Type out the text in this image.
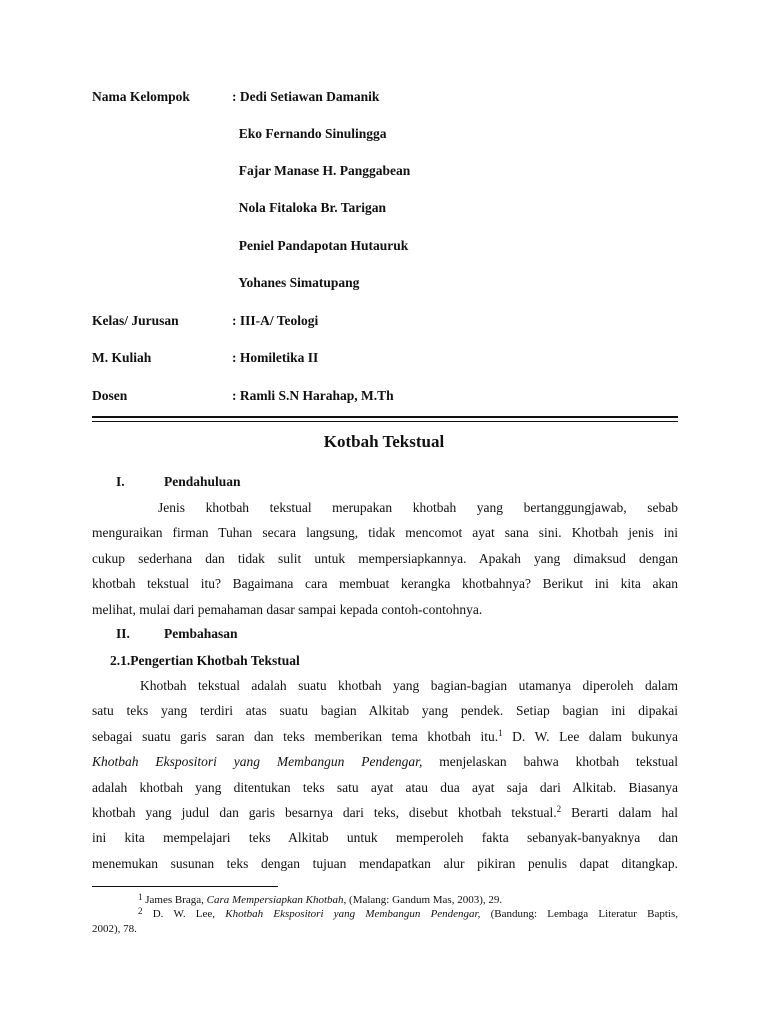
Nama Kelompok	: Dedi Setiawan Damanik
Eko Fernando Sinulingga
Fajar Manase H. Panggabean
Nola Fitaloka Br. Tarigan
Peniel Pandapotan Hutauruk
Yohanes Simatupang
Kelas/ Jurusan	: III-A/ Teologi
M. Kuliah	: Homiletika II
Dosen	: Ramli S.N Harahap, M.Th
Kotbah Tekstual
I.	Pendahuluan
Jenis khotbah tekstual merupakan khotbah yang bertanggungjawab, sebab
menguraikan firman Tuhan secara langsung, tidak mencomot ayat sana sini. Khotbah jenis ini
cukup sederhana dan tidak sulit untuk mempersiapkannya. Apakah yang dimaksud dengan
khotbah tekstual itu? Bagaimana cara membuat kerangka khotbahnya? Berikut ini kita akan
melihat, mulai dari pemahaman dasar sampai kepada contoh-contohnya.
II.	Pembahasan
2.1.Pengertian Khotbah Tekstual
Khotbah tekstual adalah suatu khotbah yang bagian-bagian utamanya diperoleh dalam
satu teks yang terdiri atas suatu bagian Alkitab yang pendek. Setiap bagian ini dipakai
sebagai suatu garis saran dan teks memberikan tema khotbah itu.$^1$ D. W. Lee dalam bukunya
Khotbah Ekspositori yang Membangun Pendengar, menjelaskan bahwa khotbah tekstual
adalah khotbah yang ditentukan teks satu ayat atau dua ayat saja dari Alkitab. Biasanya
khotbah yang judul dan garis besarnya dari teks, disebut khotbah tekstual.$^2$ Berarti dalam hal
ini kita mempelajari teks Alkitab untuk memperoleh fakta sebanyak-banyaknya dan
menemukan susunan teks dengan tujuan mendapatkan alur pikiran penulis dapat ditangkap.
$^1$ James Braga, Cara Mempersiapkan Khotbah, (Malang: Gandum Mas, 2003), 29.
$^2$ D. W. Lee, Khotbah Ekspositori yang Membangun Pendengar, (Bandung: Lembaga Literatur Baptis,
2002), 78.
